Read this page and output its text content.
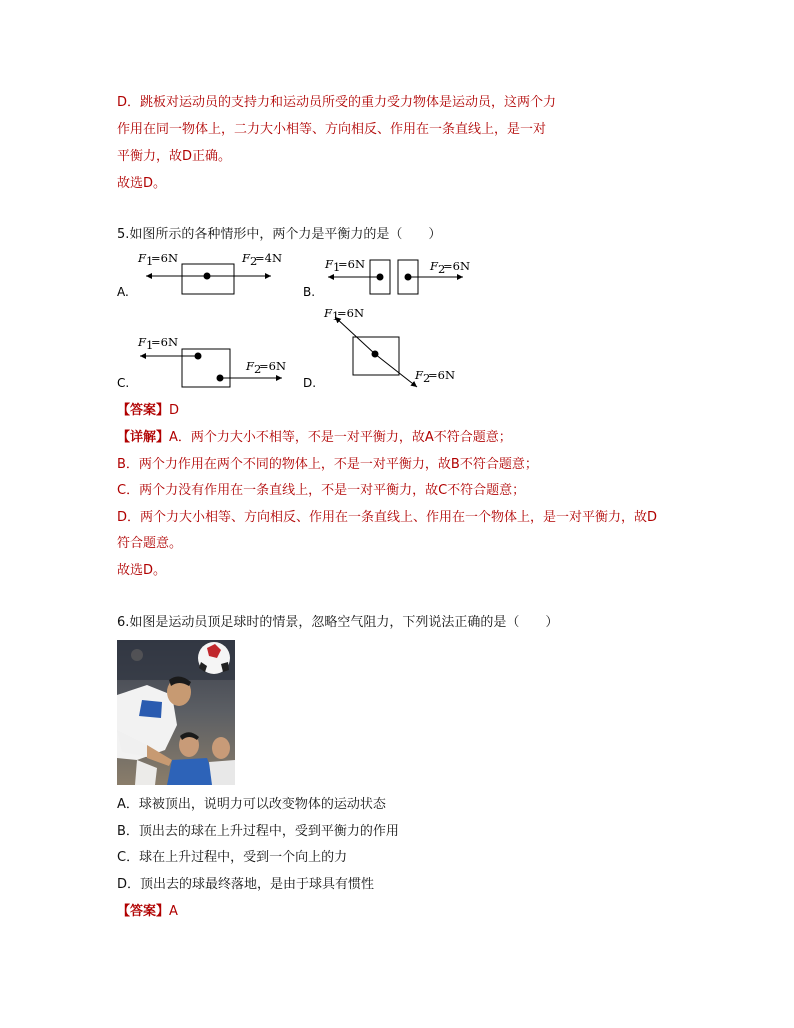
D．跳板对运动员的支持力和运动员所受的重力受力物体是运动员，这两个力
作用在同一物体上，二力大小相等、方向相反、作用在一条直线上，是一对
平衡力，故D正确。
故选D。
5.如图所示的各种情形中，两个力是平衡力的是（　　）
A.
F 1
=6N	F 2
=4N
B.
F 1
=6N	F 2
=6N
C.
F 1
=6N
F 2
=6N
D.
F 1
=6N
F 2
=6N
【答案】D
【详解】A．两个力大小不相等，不是一对平衡力，故A不符合题意；
B．两个力作用在两个不同的物体上，不是一对平衡力，故B不符合题意；
C．两个力没有作用在一条直线上，不是一对平衡力，故C不符合题意；
D．两个力大小相等、方向相反、作用在一条直线上、作用在一个物体上，是一对平衡力，故D
符合题意。
故选D。
6.如图是运动员顶足球时的情景，忽略空气阻力，下列说法正确的是（　　）
A．球被顶出，说明力可以改变物体的运动状态
B．顶出去的球在上升过程中，受到平衡力的作用
C．球在上升过程中，受到一个向上的力
D．顶出去的球最终落地，是由于球具有惯性
【答案】A
